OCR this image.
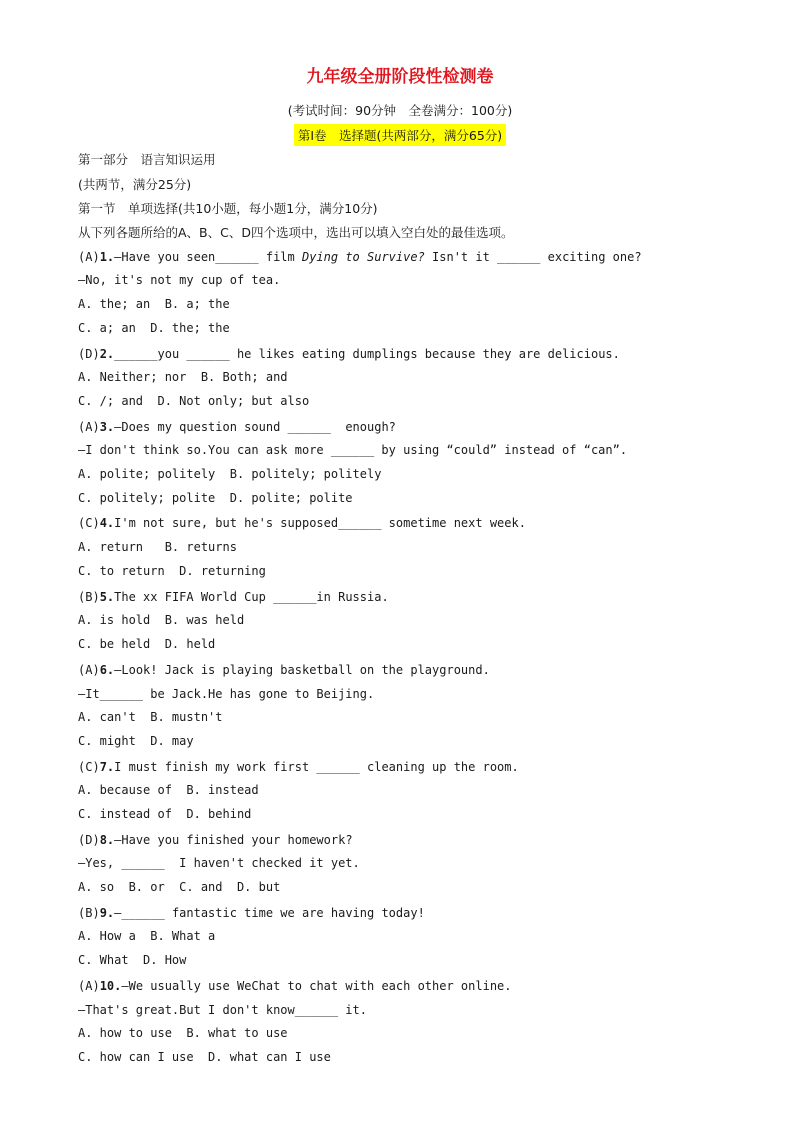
九年级全册阶段性检测卷
(考试时间：90分钟　全卷满分：100分)
第Ⅰ卷　选择题(共两部分，满分65分)
第一部分　语言知识运用
(共两节，满分25分)
第一节　单项选择(共10小题，每小题1分，满分10分)
从下列各题所给的A、B、C、D四个选项中，选出可以填入空白处的最佳选项。
(A)1.—Have you seen______ film Dying to Survive? Isn't it ______ exciting one?
—No, it's not my cup of tea.
A. the; an  B. a; the
C. a; an  D. the; the
(D)2.______you ______ he likes eating dumplings because they are delicious.
A. Neither; nor  B. Both; and
C. /; and  D. Not only; but also
(A)3.—Does my question sound ______  enough?
—I don't think so.You can ask more ______ by using “could” instead of “can”.
A. polite; politely  B. politely; politely
C. politely; polite  D. polite; polite
(C)4.I'm not sure, but he's supposed______ sometime next week.
A. return   B. returns
C. to return  D. returning
(B)5.The xx FIFA World Cup ______in Russia.
A. is hold  B. was held
C. be held  D. held
(A)6.—Look! Jack is playing basketball on the playground.
—It______ be Jack.He has gone to Beijing.
A. can't  B. mustn't
C. might  D. may
(C)7.I must finish my work first ______ cleaning up the room.
A. because of  B. instead
C. instead of  D. behind
(D)8.—Have you finished your homework?
—Yes, ______  I haven't checked it yet.
A. so  B. or  C. and  D. but
(B)9.—______ fantastic time we are having today!
A. How a  B. What a
C. What  D. How
(A)10.—We usually use WeChat to chat with each other online.
—That's great.But I don't know______ it.
A. how to use  B. what to use
C. how can I use  D. what can I use
